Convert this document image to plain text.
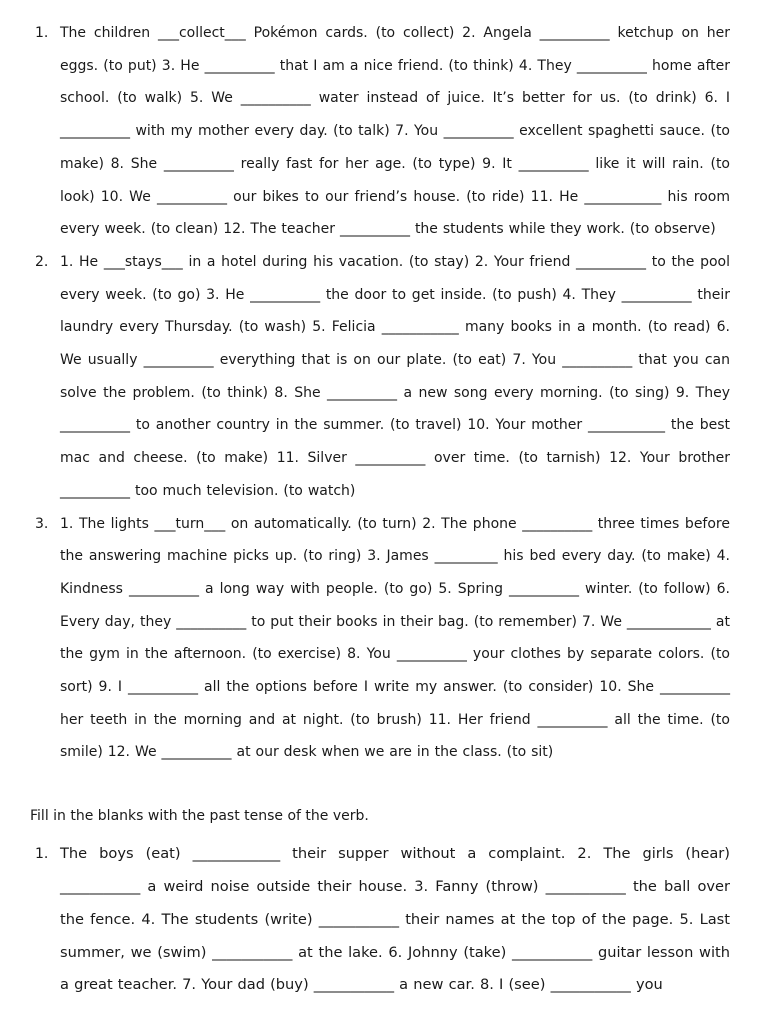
1. The children ___collect___ Pokémon cards. (to collect) 2. Angela __________ ketchup on her eggs. (to put) 3. He __________ that I am a nice friend. (to think) 4. They __________ home after school. (to walk) 5. We __________ water instead of juice. It’s better for us. (to drink) 6. I __________ with my mother every day. (to talk) 7. You __________ excellent spaghetti sauce. (to make) 8. She __________ really fast for her age. (to type) 9. It __________ like it will rain. (to look) 10. We __________ our bikes to our friend’s house. (to ride) 11. He ___________ his room every week. (to clean) 12. The teacher __________ the students while they work. (to observe)

2. 1. He ___stays___ in a hotel during his vacation. (to stay) 2. Your friend __________ to the pool every week. (to go) 3. He __________ the door to get inside. (to push) 4. They __________ their laundry every Thursday. (to wash) 5. Felicia ___________ many books in a month. (to read) 6. We usually __________ everything that is on our plate. (to eat) 7. You __________ that you can solve the problem. (to think) 8. She __________ a new song every morning. (to sing) 9. They __________ to another country in the summer. (to travel) 10. Your mother ___________ the best mac and cheese. (to make) 11. Silver __________ over time. (to tarnish) 12. Your brother __________ too much television. (to watch)

3. 1. The lights ___turn___ on automatically. (to turn) 2. The phone __________ three times before the answering machine picks up. (to ring) 3. James _________ his bed every day. (to make) 4. Kindness __________ a long way with people. (to go) 5. Spring __________ winter. (to follow) 6. Every day, they __________ to put their books in their bag. (to remember) 7. We ____________ at the gym in the afternoon. (to exercise) 8. You __________ your clothes by separate colors. (to sort) 9. I __________ all the options before I write my answer. (to consider) 10. She __________ her teeth in the morning and at night. (to brush) 11. Her friend __________ all the time. (to smile) 12. We __________ at our desk when we are in the class. (to sit)

Fill in the blanks with the past tense of the verb.
1. The boys (eat) ____________ their supper without a complaint. 2. The girls (hear) ___________ a weird noise outside their house. 3. Fanny (throw) ___________ the ball over the fence. 4. The students (write) ___________ their names at the top of the page. 5. Last summer, we (swim) ___________ at the lake. 6. Johnny (take) ___________ guitar lesson with a great teacher. 7. Your dad (buy) ___________ a new car. 8. I (see) ___________ you
